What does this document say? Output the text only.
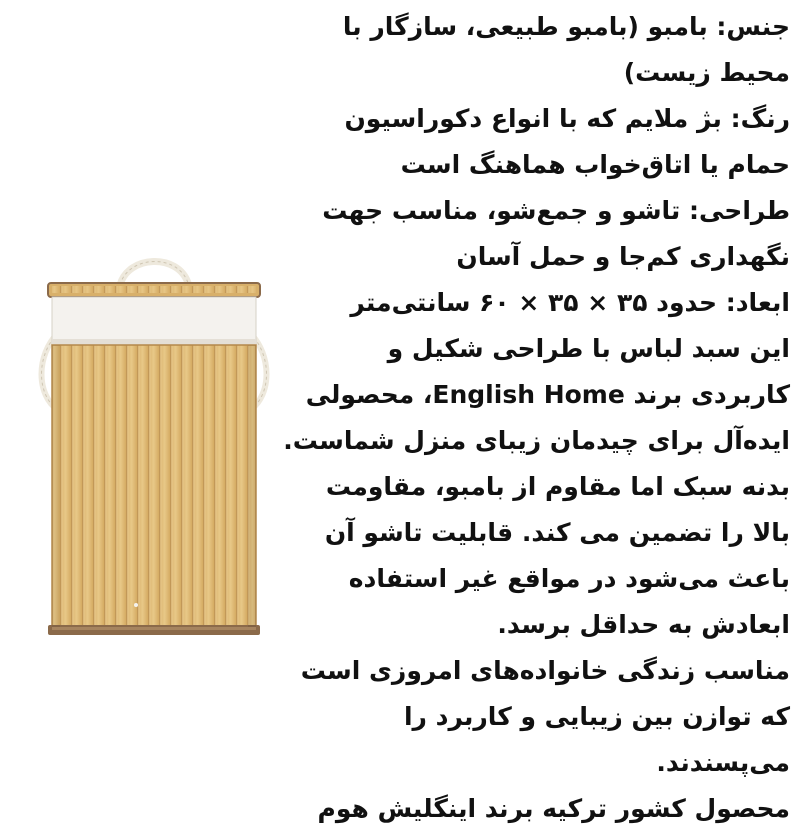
جنس: بامبو (بامبو طبیعی، سازگار با محیط زیست)

رنگ: بژ ملایم که با انواع دکوراسیون حمام یا اتاق‌خواب هماهنگ است

طراحی: تاشو و جمع‌شو، مناسب جهت نگهداری کم‌جا و حمل آسان

ابعاد: حدود ۳۵ × ۳۵ × ۶۰ سانتی‌متر

این سبد لباس با طراحی شکیل و کاربردی برند English Home، محصولی ایده‌آل برای چیدمان زیبای منزل شماست. بدنه سبک اما مقاوم از بامبو، مقاومت بالا را تضمین می کند. قابلیت تاشو آن باعث می‌شود در مواقع غیر استفاده ابعادش به حداقل برسد.

مناسب زندگی خانواده‌های امروزی است که توازن بین زیبایی و کاربرد را می‌پسندند.

محصول کشور ترکیه برند اینگلیش هوم
